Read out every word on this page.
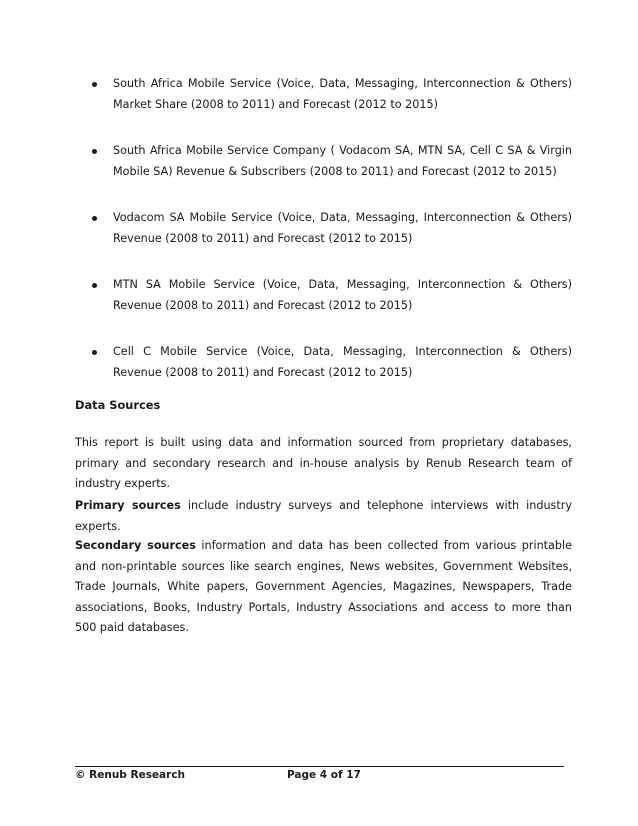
South Africa Mobile Service (Voice, Data, Messaging, Interconnection & Others) Market Share (2008 to 2011) and Forecast (2012 to 2015)
South Africa Mobile Service Company ( Vodacom SA, MTN SA, Cell C SA & Virgin Mobile SA) Revenue & Subscribers (2008 to 2011) and Forecast (2012 to 2015)
Vodacom SA Mobile Service (Voice, Data, Messaging, Interconnection & Others) Revenue (2008 to 2011) and Forecast (2012 to 2015)
MTN SA Mobile Service (Voice, Data, Messaging, Interconnection & Others) Revenue (2008 to 2011) and Forecast (2012 to 2015)
Cell C Mobile Service (Voice, Data, Messaging, Interconnection & Others) Revenue (2008 to 2011) and Forecast (2012 to 2015)
Data Sources

This report is built using data and information sourced from proprietary databases, primary and secondary research and in-house analysis by Renub Research team of industry experts.

Primary sources include industry surveys and telephone interviews with industry experts.

Secondary sources information and data has been collected from various printable and non-printable sources like search engines, News websites, Government Websites, Trade Journals, White papers, Government Agencies, Magazines, Newspapers, Trade associations, Books, Industry Portals, Industry Associations and access to more than 500 paid databases.

© Renub Research	Page 4 of 17
